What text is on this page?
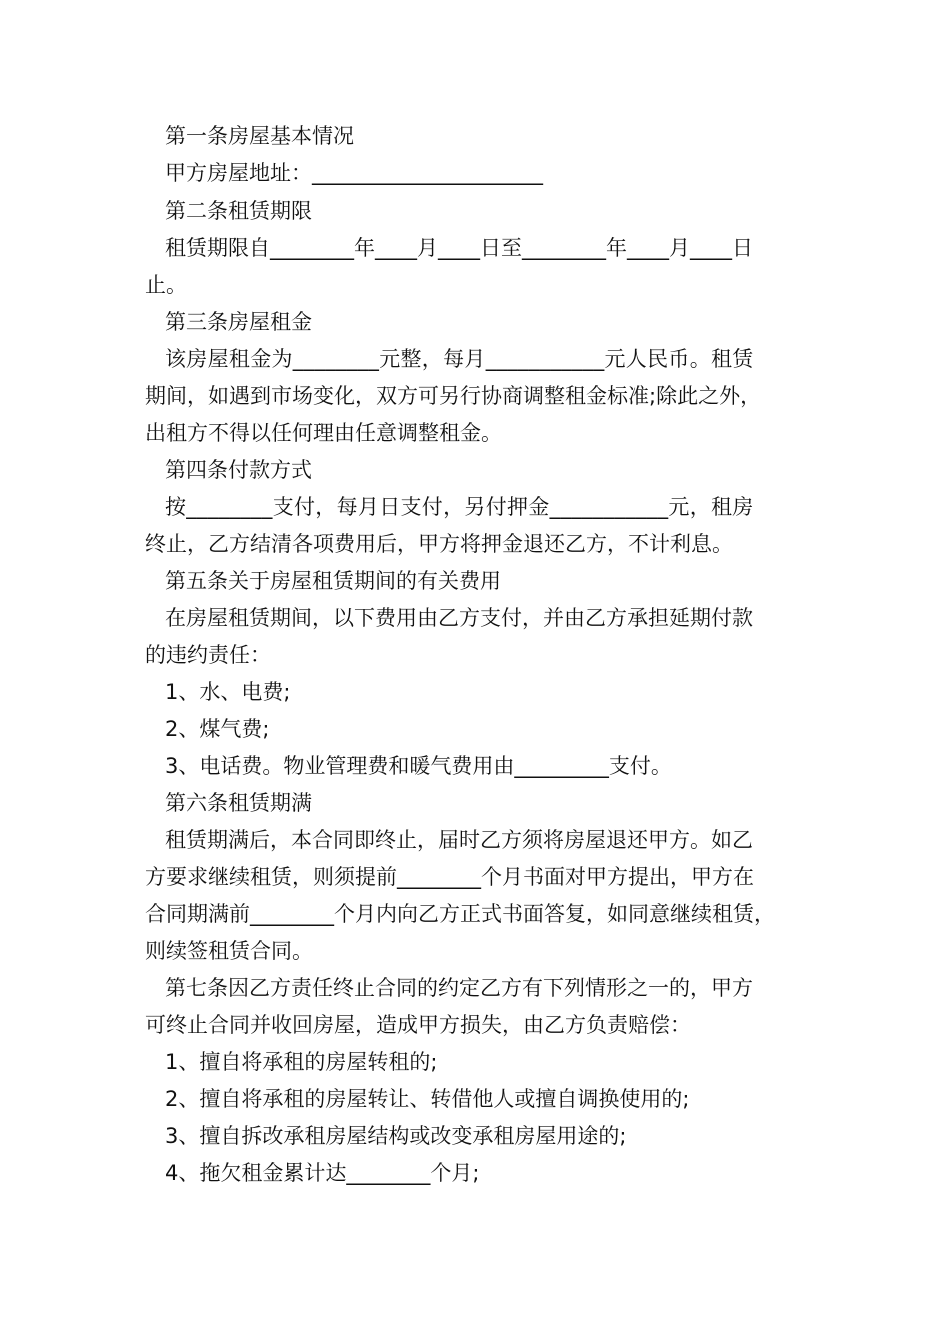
第一条房屋基本情况
甲方房屋地址：______________________
第二条租赁期限
租赁期限自________年____月____日至________年____月____日
止。
第三条房屋租金
该房屋租金为________元整，每月___________元人民币。租赁
期间，如遇到市场变化，双方可另行协商调整租金标准;除此之外，
出租方不得以任何理由任意调整租金。
第四条付款方式
按________支付，每月日支付，另付押金___________元，租房
终止，乙方结清各项费用后，甲方将押金退还乙方，不计利息。
第五条关于房屋租赁期间的有关费用
在房屋租赁期间，以下费用由乙方支付，并由乙方承担延期付款
的违约责任：
1、水、电费;
2、煤气费;
3、电话费。物业管理费和暖气费用由_________支付。
第六条租赁期满
租赁期满后，本合同即终止，届时乙方须将房屋退还甲方。如乙
方要求继续租赁，则须提前________个月书面对甲方提出，甲方在
合同期满前________个月内向乙方正式书面答复，如同意继续租赁，
则续签租赁合同。
第七条因乙方责任终止合同的约定乙方有下列情形之一的，甲方
可终止合同并收回房屋，造成甲方损失，由乙方负责赔偿：
1、擅自将承租的房屋转租的;
2、擅自将承租的房屋转让、转借他人或擅自调换使用的;
3、擅自拆改承租房屋结构或改变承租房屋用途的;
4、拖欠租金累计达________个月;
